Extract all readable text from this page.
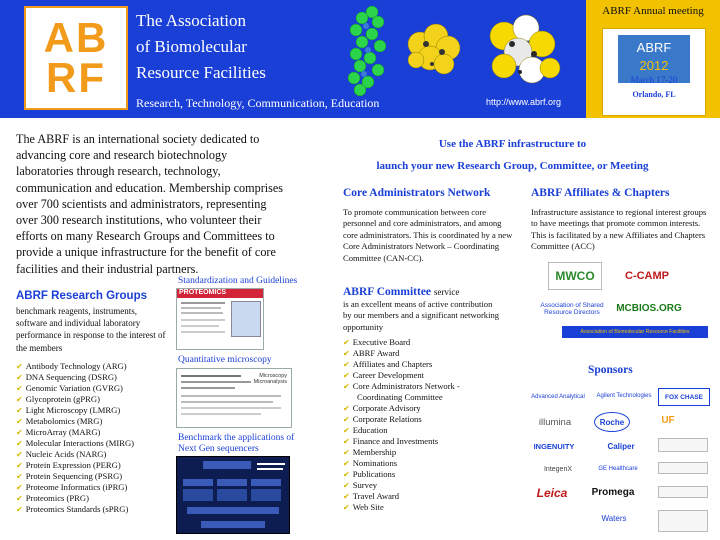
AB
RF
The Association
of Biomolecular
Resource Facilities
Research, Technology, Communication, Education	http://www.abrf.org
ABRF Annual meeting
ABRF
2012
March 17-20
Orlando, FL
The ABRF is an international society dedicated to advancing core and research biotechnology laboratories through research, technology, communication and education. Membership comprises over 700 scientists and administrators, representing over 300 research institutions, who volunteer their efforts on many Research Groups and Committees to provide a unique infrastructure for the benefit of core facilities and their industrial partners.
ABRF Research Groups
benchmark reagents, instruments, software and individual laboratory performance in response to the interest of the members
✔ Antibody Technology (ARG)
✔ DNA Sequencing (DSRG)
✔ Genomic Variation (GVRG)
✔ Glycoprotein (gPRG)
✔ Light Microscopy (LMRG)
✔ Metabolomics (MRG)
✔ MicroArray (MARG)
✔ Molecular Interactions (MIRG)
✔ Nucleic Acids (NARG)
✔ Protein Expression (PERG)
✔ Protein Sequencing (PSRG)
✔ Proteome Informatics (iPRG)
✔ Proteomics (PRG)
✔ Proteomics Standards (sPRG)
Standardization and Guidelines
PROTEOMICS
Quantitative microscopy
Microscopy Microanalysis
Benchmark the applications of
Next Gen sequencers
Use the ABRF infrastructure to
launch your new Research Group, Committee, or Meeting
Core Administrators Network
To promote communication between core personnel and core administrators, and among core administrators. This is coordinated by a new Core Administrators Network – Coordinating Committee (CAN-CC).
ABRF Affiliates & Chapters
Infrastructure assistance to regional interest groups to have meetings that promote common interests. This is facilitated by a new Affiliates and Chapters Committee (ACC)
ABRF Committee service
is an excellent means of active contribution by our members and a significant networking opportunity
✔ Executive Board
✔ ABRF Award
✔ Affiliates and Chapters
✔ Career Development
✔ Core Administrators Network -
Coordinating Committee
✔ Corporate Advisory
✔ Corporate Relations
✔ Education
✔ Finance and Investments
✔ Membership
✔ Nominations
✔ Publications
✔ Survey
✔ Travel Award
✔ Web Site
MWCO	C-CAMP
Association of Shared Resource Directors	MCBIOS.ORG
Association of Biomolecular Resource Facilities
Sponsors
Advanced Analytical	Agilent Technologies	FOX CHASE
illumina	Roche	UF
INGENUITY	Caliper
IntegenX	GE Healthcare
Leica	Promega
Waters
